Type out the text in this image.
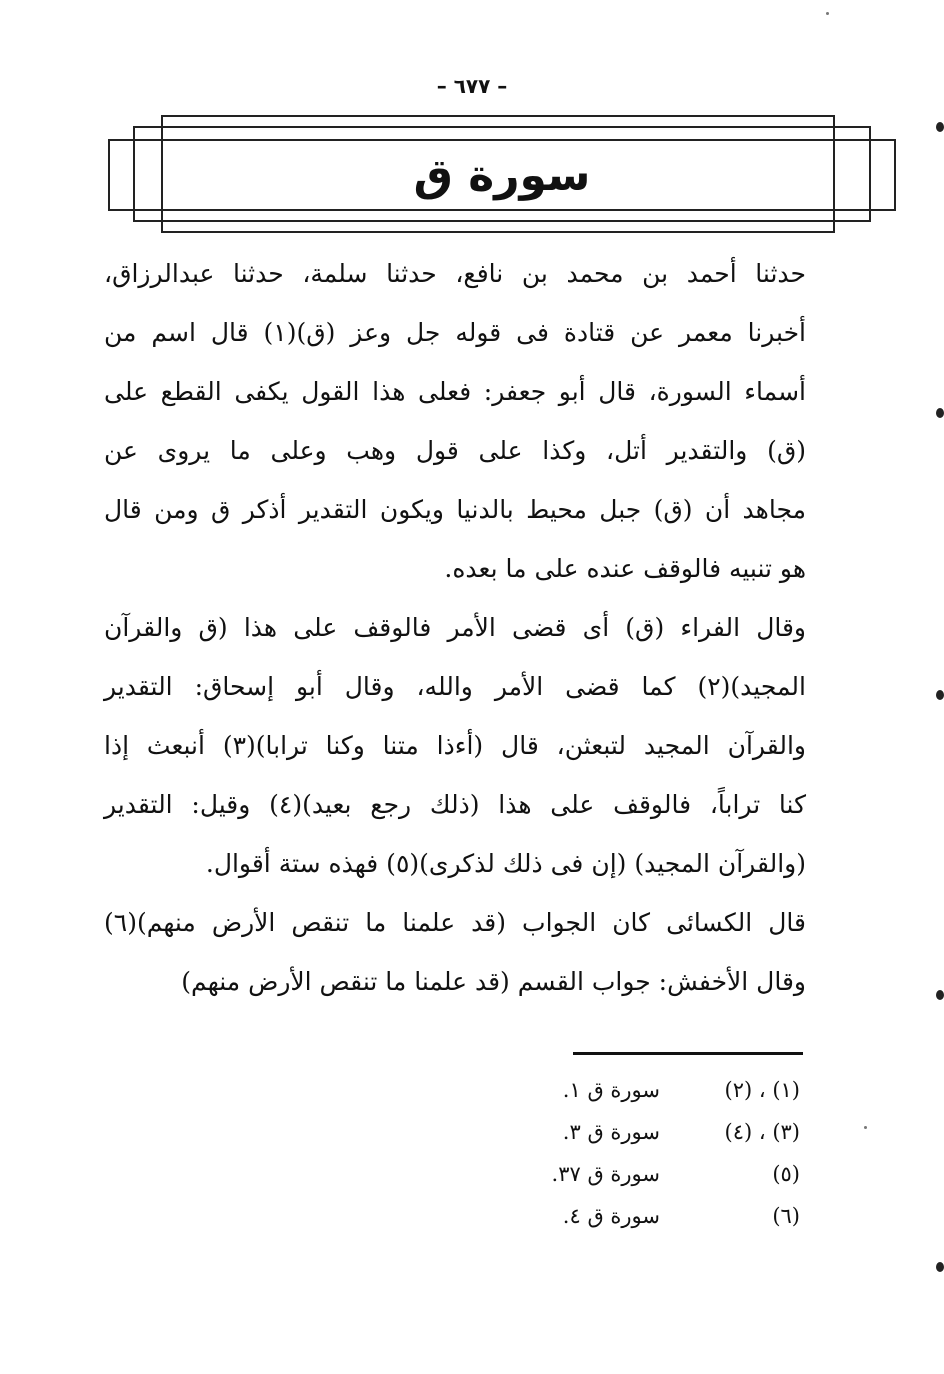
– ٦٧٧ –
سورة ق
حدثنا أحمد بن محمد بن نافع، حدثنا سلمة، حدثنا عبدالرزاق،
أخبرنا معمر عن قتادة فى قوله جل وعز (ق)(١) قال اسم من
أسماء السورة، قال أبو جعفر: فعلى هذا القول يكفى القطع على
(ق) والتقدير أتل، وكذا على قول وهب وعلى ما يروى عن
مجاهد أن (ق) جبل محيط بالدنيا ويكون التقدير أذكر ق ومن قال
هو تنبيه فالوقف عنده على ما بعده.
وقال الفراء (ق) أى قضى الأمر فالوقف على هذا (ق والقرآن
المجيد)(٢) كما قضى الأمر والله، وقال أبو إسحاق: التقدير
والقرآن المجيد لتبعثن، قال (أءذا متنا وكنا ترابا)(٣) أنبعث إذا
كنا تراباً، فالوقف على هذا (ذلك رجع بعيد)(٤) وقيل: التقدير
(والقرآن المجيد) (إن فى ذلك لذكرى)(٥) فهذه ستة أقوال.
قال الكسائى كان الجواب (قد علمنا ما تنقص الأرض منهم)(٦)
وقال الأخفش: جواب القسم (قد علمنا ما تنقص الأرض منهم)
(١) ، (٢)
سورة ق ١.
(٣) ، (٤)
سورة ق ٣.
(٥)
سورة ق ٣٧.
(٦)
سورة ق ٤.
